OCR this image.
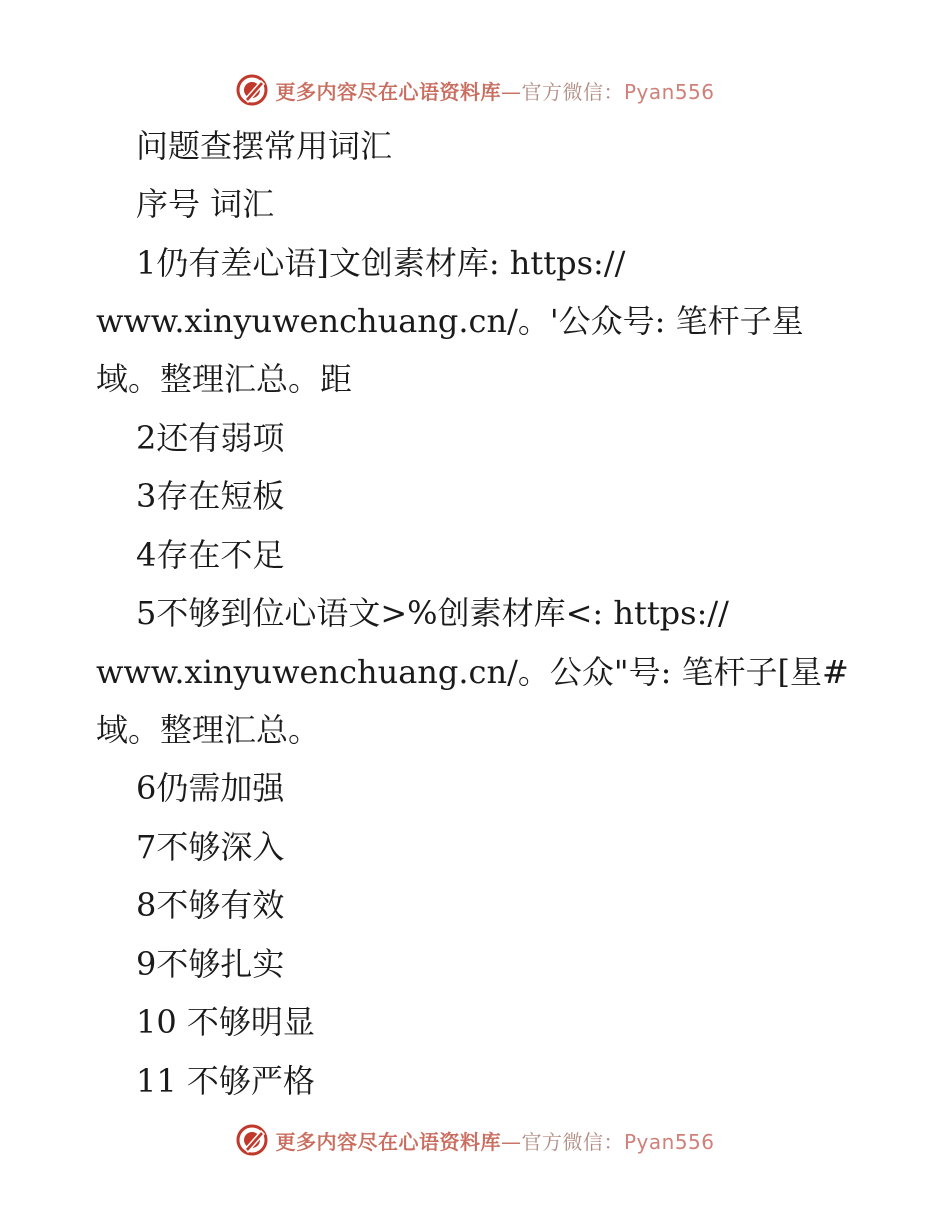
更多内容尽在心语资料库—官方微信：Pyan556
问题查摆常用词汇
序号 词汇
1仍有差心语]文创素材库: https://
www.xinyuwenchuang.cn/。'公众号: 笔杆子星
域。整理汇总。距
2还有弱项
3存在短板
4存在不足
5不够到位心语文>%创素材库<: https://
www.xinyuwenchuang.cn/。公众"号: 笔杆子[星#
域。整理汇总。
6仍需加强
7不够深入
8不够有效
9不够扎实
10 不够明显
11 不够严格
更多内容尽在心语资料库—官方微信：Pyan556
